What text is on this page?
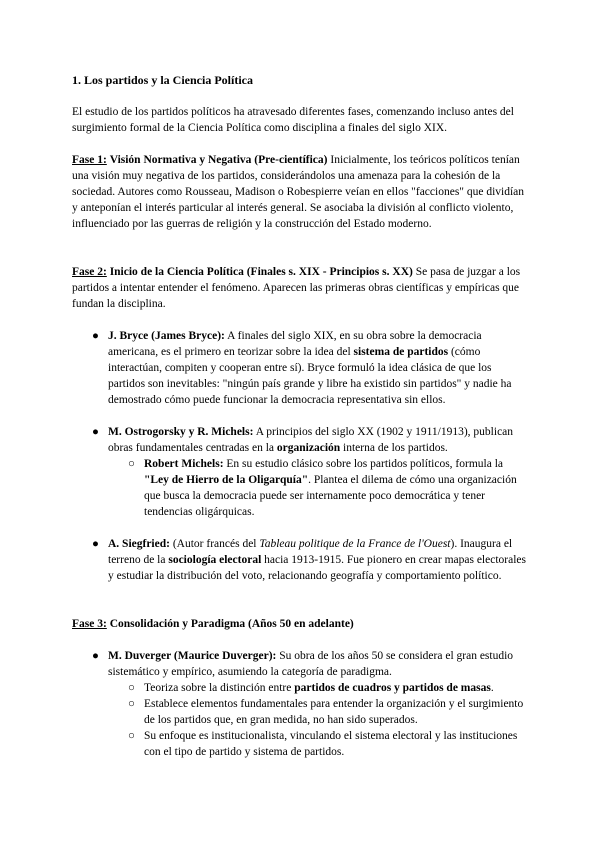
1. Los partidos y la Ciencia Política

El estudio de los partidos políticos ha atravesado diferentes fases, comenzando incluso antes del surgimiento formal de la Ciencia Política como disciplina a finales del siglo XIX.

Fase 1: Visión Normativa y Negativa (Pre-científica) Inicialmente, los teóricos políticos tenían una visión muy negativa de los partidos, considerándolos una amenaza para la cohesión de la sociedad. Autores como Rousseau, Madison o Robespierre veían en ellos "facciones" que dividían y anteponían el interés particular al interés general. Se asociaba la división al conflicto violento, influenciado por las guerras de religión y la construcción del Estado moderno.

Fase 2: Inicio de la Ciencia Política (Finales s. XIX - Principios s. XX) Se pasa de juzgar a los partidos a intentar entender el fenómeno. Aparecen las primeras obras científicas y empíricas que fundan la disciplina.

● J. Bryce (James Bryce): A finales del siglo XIX, en su obra sobre la democracia americana, es el primero en teorizar sobre la idea del sistema de partidos (cómo interactúan, compiten y cooperan entre sí). Bryce formuló la idea clásica de que los partidos son inevitables: "ningún país grande y libre ha existido sin partidos" y nadie ha demostrado cómo puede funcionar la democracia representativa sin ellos.
● M. Ostrogorsky y R. Michels: A principios del siglo XX (1902 y 1911/1913), publican obras fundamentales centradas en la organización interna de los partidos.
○ Robert Michels: En su estudio clásico sobre los partidos políticos, formula la "Ley de Hierro de la Oligarquía". Plantea el dilema de cómo una organización que busca la democracia puede ser internamente poco democrática y tener tendencias oligárquicas.
● A. Siegfried: (Autor francés del Tableau politique de la France de l'Ouest). Inaugura el terreno de la sociología electoral hacia 1913-1915. Fue pionero en crear mapas electorales y estudiar la distribución del voto, relacionando geografía y comportamiento político.

Fase 3: Consolidación y Paradigma (Años 50 en adelante)

● M. Duverger (Maurice Duverger): Su obra de los años 50 se considera el gran estudio sistemático y empírico, asumiendo la categoría de paradigma.
○ Teoriza sobre la distinción entre partidos de cuadros y partidos de masas.
○ Establece elementos fundamentales para entender la organización y el surgimiento de los partidos que, en gran medida, no han sido superados.
○ Su enfoque es institucionalista, vinculando el sistema electoral y las instituciones con el tipo de partido y sistema de partidos.
